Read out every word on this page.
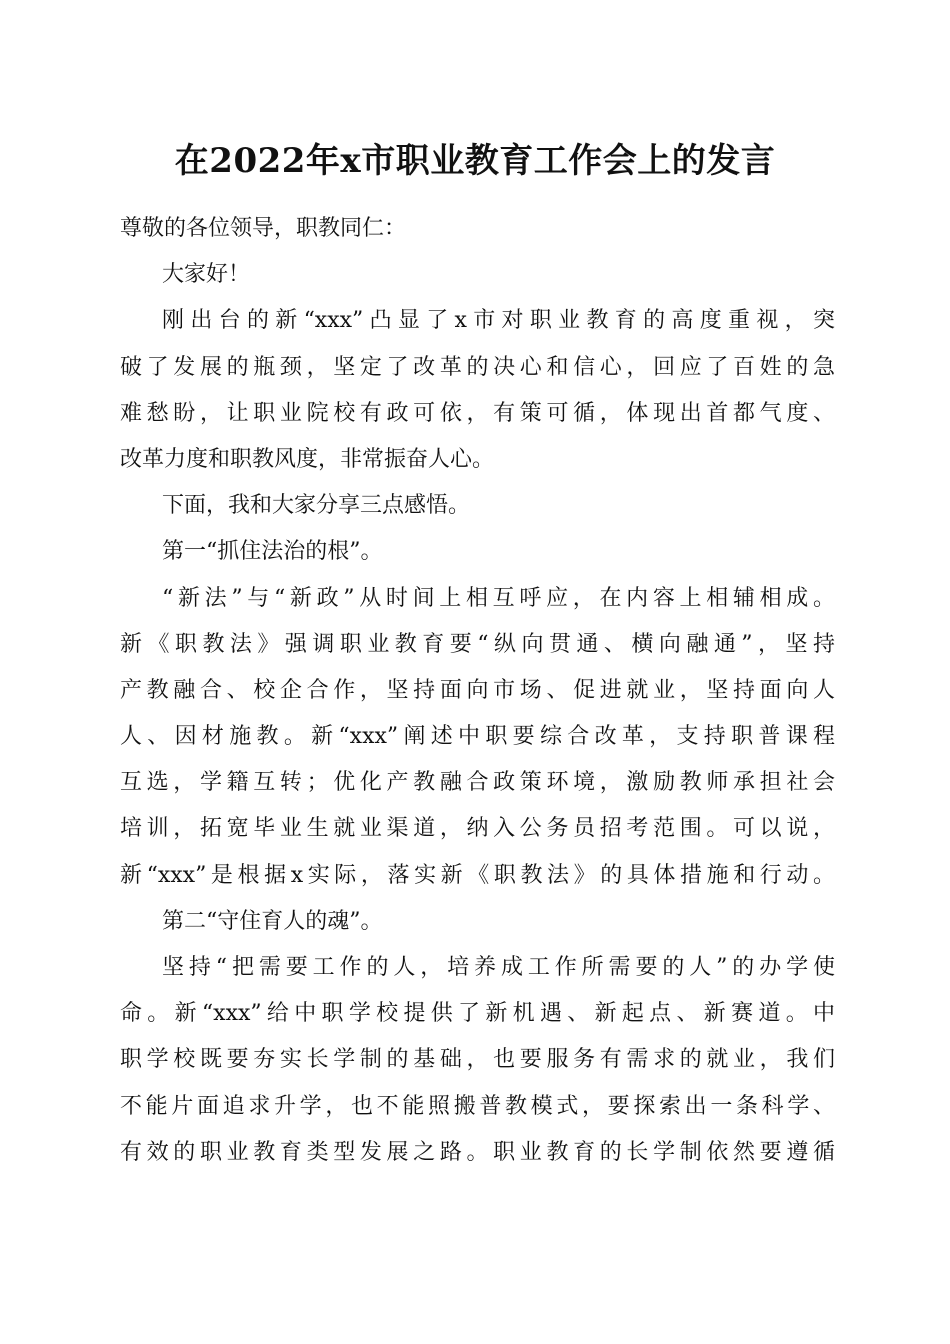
在2022年x市职业教育工作会上的发言
尊敬的各位领导，职教同仁：
大家好！
刚出台的新“xxx”凸显了x市对职业教育的高度重视，突
破了发展的瓶颈，坚定了改革的决心和信心，回应了百姓的急
难愁盼，让职业院校有政可依，有策可循，体现出首都气度、
改革力度和职教风度，非常振奋人心。
下面，我和大家分享三点感悟。
第一“抓住法治的根”。
“新法”与“新政”从时间上相互呼应，在内容上相辅相成。
新《职教法》强调职业教育要“纵向贯通、横向融通”，坚持
产教融合、校企合作，坚持面向市场、促进就业，坚持面向人
人、因材施教。新“xxx”阐述中职要综合改革，支持职普课程
互选，学籍互转；优化产教融合政策环境，激励教师承担社会
培训，拓宽毕业生就业渠道，纳入公务员招考范围。可以说，
新“xxx”是根据x实际，落实新《职教法》的具体措施和行动。
第二“守住育人的魂”。
坚持“把需要工作的人，培养成工作所需要的人”的办学使
命。新“xxx”给中职学校提供了新机遇、新起点、新赛道。中
职学校既要夯实长学制的基础，也要服务有需求的就业，我们
不能片面追求升学，也不能照搬普教模式，要探索出一条科学、
有效的职业教育类型发展之路。职业教育的长学制依然要遵循
